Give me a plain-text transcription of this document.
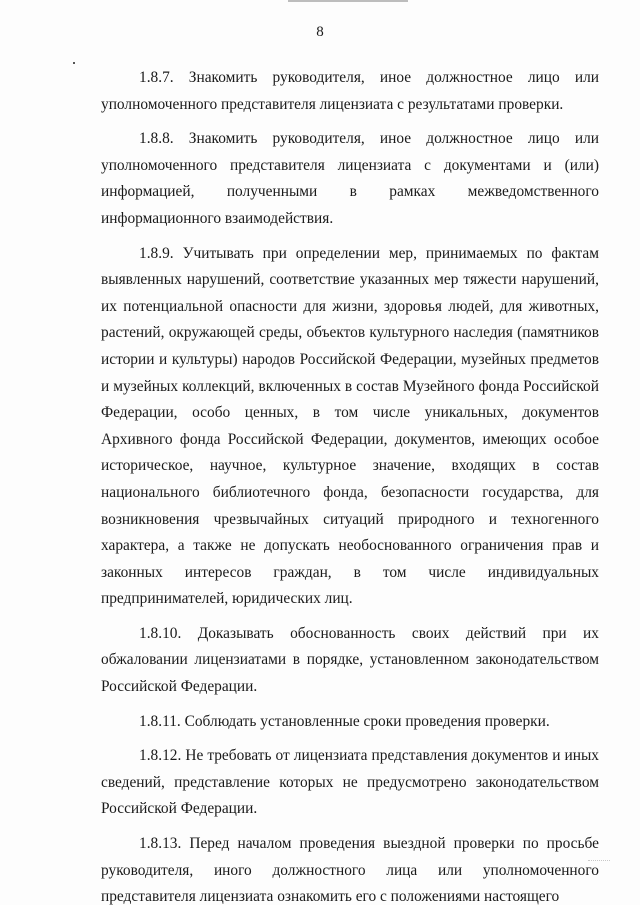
8

1.8.7. Знакомить руководителя, иное должностное лицо или уполномоченного представителя лицензиата с результатами проверки.

1.8.8. Знакомить руководителя, иное должностное лицо или уполномоченного представителя лицензиата с документами и (или) информацией, полученными в рамках межведомственного информационного взаимодействия.

1.8.9. Учитывать при определении мер, принимаемых по фактам выявленных нарушений, соответствие указанных мер тяжести нарушений, их потенциальной опасности для жизни, здоровья людей, для животных, растений, окружающей среды, объектов культурного наследия (памятников истории и культуры) народов Российской Федерации, музейных предметов и музейных коллекций, включенных в состав Музейного фонда Российской Федерации, особо ценных, в том числе уникальных, документов Архивного фонда Российской Федерации, документов, имеющих особое историческое, научное, культурное значение, входящих в состав национального библиотечного фонда, безопасности государства, для возникновения чрезвычайных ситуаций природного и техногенного характера, а также не допускать необоснованного ограничения прав и законных интересов граждан, в том числе индивидуальных предпринимателей, юридических лиц.

1.8.10. Доказывать обоснованность своих действий при их обжаловании лицензиатами в порядке, установленном законодательством Российской Федерации.

1.8.11. Соблюдать установленные сроки проведения проверки.

1.8.12. Не требовать от лицензиата представления документов и иных сведений, представление которых не предусмотрено законодательством Российской Федерации.

1.8.13. Перед началом проведения выездной проверки по просьбе руководителя, иного должностного лица или уполномоченного представителя лицензиата ознакомить его с положениями настоящего
